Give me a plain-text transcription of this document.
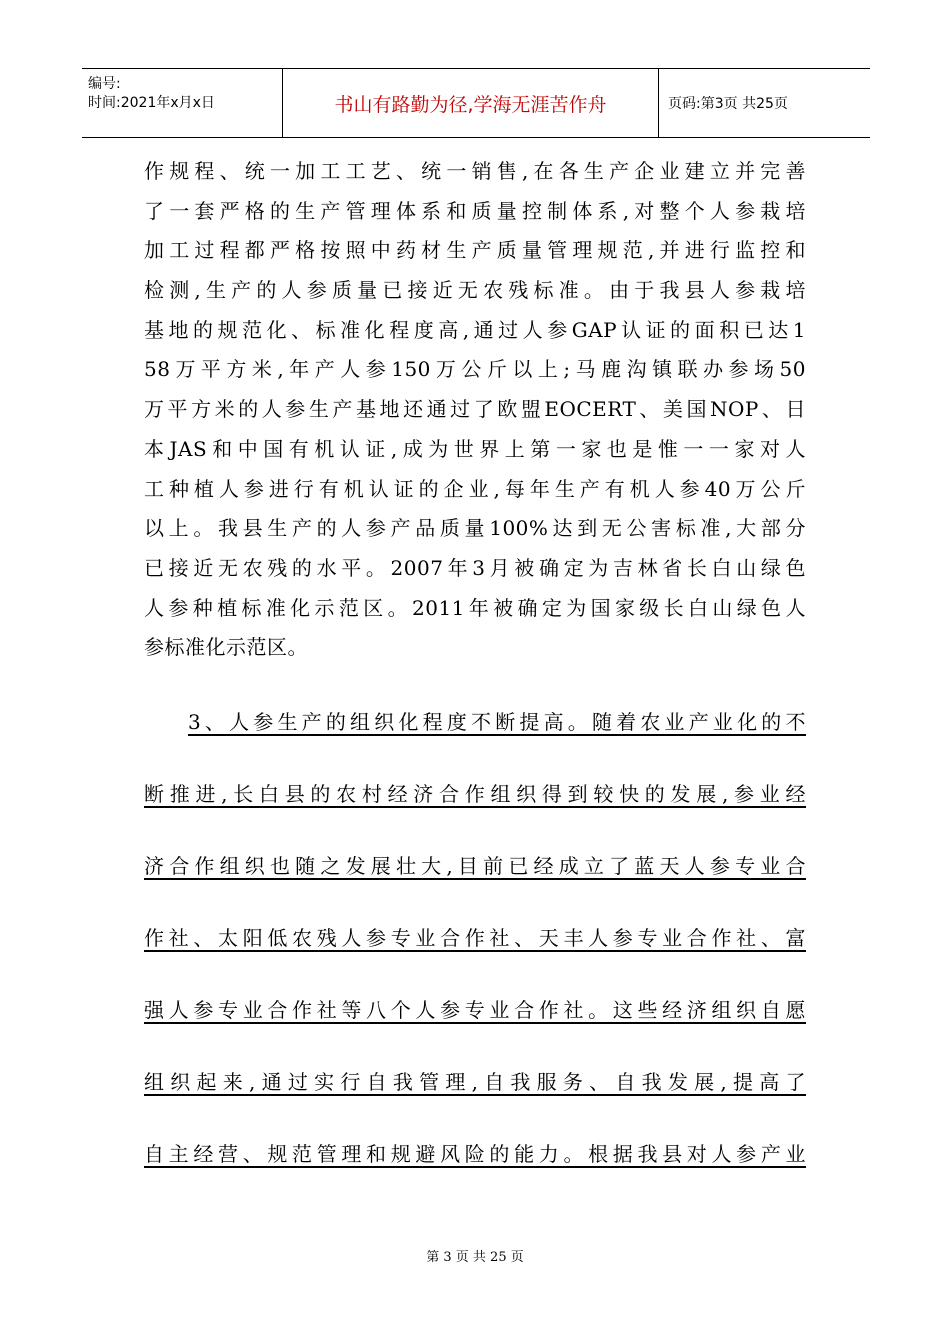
编号:
时间:2021年x月x日	书山有路勤为径,学海无涯苦作舟	页码:第3页 共25页

作规程、统一加工工艺、统一销售,在各生产企业建立并完善

了一套严格的生产管理体系和质量控制体系,对整个人参栽培

加工过程都严格按照中药材生产质量管理规范,并进行监控和

检测,生产的人参质量已接近无农残标准。由于我县人参栽培

基地的规范化、标准化程度高,通过人参GAP认证的面积已达1

58万平方米,年产人参150万公斤以上;马鹿沟镇联办参场50

万平方米的人参生产基地还通过了欧盟EOCERT、美国NOP、日

本JAS和中国有机认证,成为世界上第一家也是惟一一家对人

工种植人参进行有机认证的企业,每年生产有机人参40万公斤

以上。我县生产的人参产品质量100%达到无公害标准,大部分

已接近无农残的水平。2007年3月被确定为吉林省长白山绿色

人参种植标准化示范区。2011年被确定为国家级长白山绿色人

参标准化示范区。

3、人参生产的组织化程度不断提高。随着农业产业化的不

断推进,长白县的农村经济合作组织得到较快的发展,参业经

济合作组织也随之发展壮大,目前已经成立了蓝天人参专业合

作社、太阳低农残人参专业合作社、天丰人参专业合作社、富

强人参专业合作社等八个人参专业合作社。这些经济组织自愿

组织起来,通过实行自我管理,自我服务、自我发展,提高了

自主经营、规范管理和规避风险的能力。根据我县对人参产业

第 3 页 共 25 页
